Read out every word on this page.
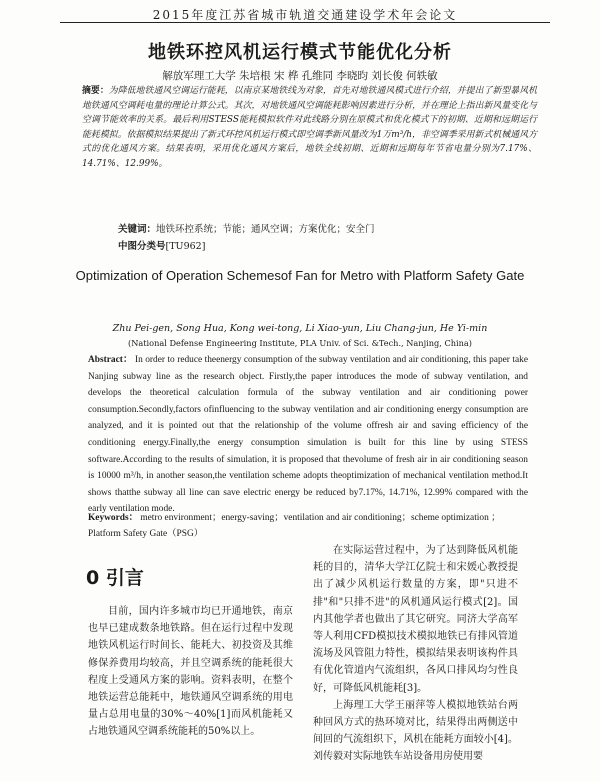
2015年度江苏省城市轨道交通建设学术年会论文
地铁环控风机运行模式节能优化分析
解放军理工大学 朱培根 宋 桦 孔维同 李晓昀 刘长俊 何轶敏
摘要：为降低地铁通风空调运行能耗，以南京某地铁线为对象，首先对地铁通风模式进行介绍，并提出了新型暴风机地铁通风空调耗电量的理论计算公式。其次，对地铁通风空调能耗影响因素进行分析，并在理论上指出新风量变化与空调节能效率的关系。最后利用STESS能耗模拟软件对此线路分别在原模式和优化模式下的初期、近期和远期运行能耗模拟。依据模拟结果提出了新式环控风机运行模式即空调季新风量改为1万m³/h，非空调季采用新式机械通风方式的优化通风方案。结果表明，采用优化通风方案后，地铁全线初期、近期和远期每年节省电量分别为7.17%、14.71%、12.99%。
关键词：地铁环控系统；节能；通风空调；方案优化；安全门
中图分类号[TU962]
Optimization of Operation Schemesof Fan for Metro with Platform Safety Gate
Zhu Pei-gen, Song Hua, Kong wei-tong, Li Xiao-yun, Liu Chang-jun, He Yi-min
(National Defense Engineering Institute, PLA Univ. of Sci. &Tech., Nanjing, China)
Abstract： In order to reduce theenergy consumption of the subway ventilation and air conditioning, this paper take Nanjing subway line as the research object. Firstly,the paper introduces the mode of subway ventilation, and develops the theoretical calculation formula of the subway ventilation and air conditioning power consumption.Secondly,factors ofinfluencing to the subway ventilation and air conditioning energy consumption are analyzed, and it is pointed out that the relationship of the volume offresh air and saving efficiency of the conditioning energy.Finally,the energy consumption simulation is built for this line by using STESS software.According to the results of simulation, it is proposed that thevolume of fresh air in air conditioning season is 10000 m³/h, in another season,the ventilation scheme adopts theoptimization of mechanical ventilation method.It shows thatthe subway all line can save electric energy be reduced by7.17%, 14.71%, 12.99% compared with the early ventilation mode.
Keywords： metro environment；energy-saving；ventilation and air conditioning；scheme optimization ；Platform Safety Gate（PSG）
0 引言

目前，国内许多城市均已开通地铁，南京也早已建成数条地铁路。但在运行过程中发现地铁风机运行时间长、能耗大、初投资及其维修保养费用均较高，并且空调系统的能耗很大程度上受通风方案的影响。资料表明，在整个地铁运营总能耗中，地铁通风空调系统的用电量占总用电量的30%～40%[1]而风机能耗又占地铁通风空调系统能耗的50%以上。

在实际运营过程中，为了达到降低风机能耗的目的，清华大学江亿院士和宋媛心教授提出了减少风机运行数量的方案，即"只进不排"和"只排不进"的风机通风运行模式[2]。国内其他学者也做出了其它研究。同济大学高军等人利用CFD模拟技术模拟地铁已有排风管道流场及风管阻力特性，模拟结果表明该构件具有优化管道内气流组织，各风口排风均匀性良好，可降低风机能耗[3]。

上海理工大学王丽萍等人模拟地铁站台两种回风方式的热环境对比，结果得出两侧送中间回的气流组织下，风机在能耗方面较小[4]。刘传毅对实际地铁车站设备用房使用要
